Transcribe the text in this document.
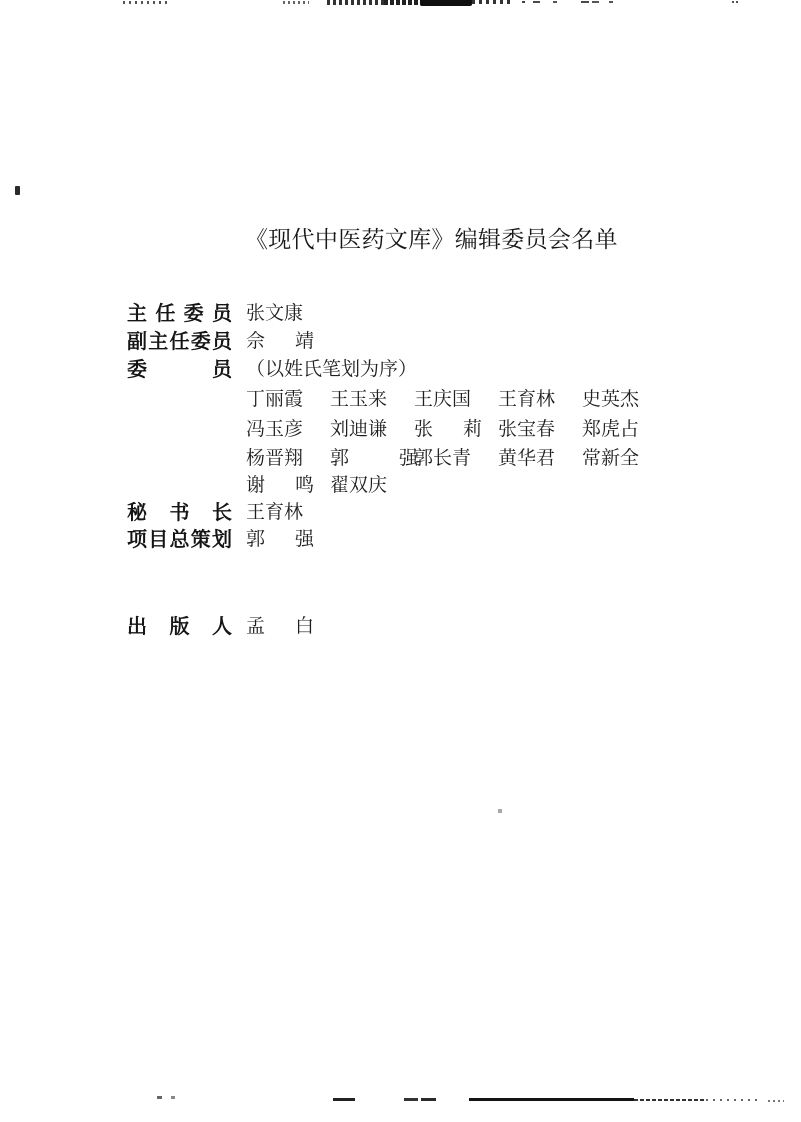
《现代中医药文库》编辑委员会名单
主 任 委 员 张文康
副 主 任 委 员 佘 靖
委	员 （以姓氏笔划为序）
丁 丽 霞 王 玉 来 王 庆 国 王 育 林 史 英 杰
冯 玉 彦 刘 迪 谦 张 莉 张 宝 春 郑 虎 占
杨 晋 翔 郭	强
郭 长 青 黄 华 君 常 新 全
谢 鸣 翟 双 庆
秘 书 长 王育林
项 目 总 策 划 郭 强
出 版 人 孟 白
